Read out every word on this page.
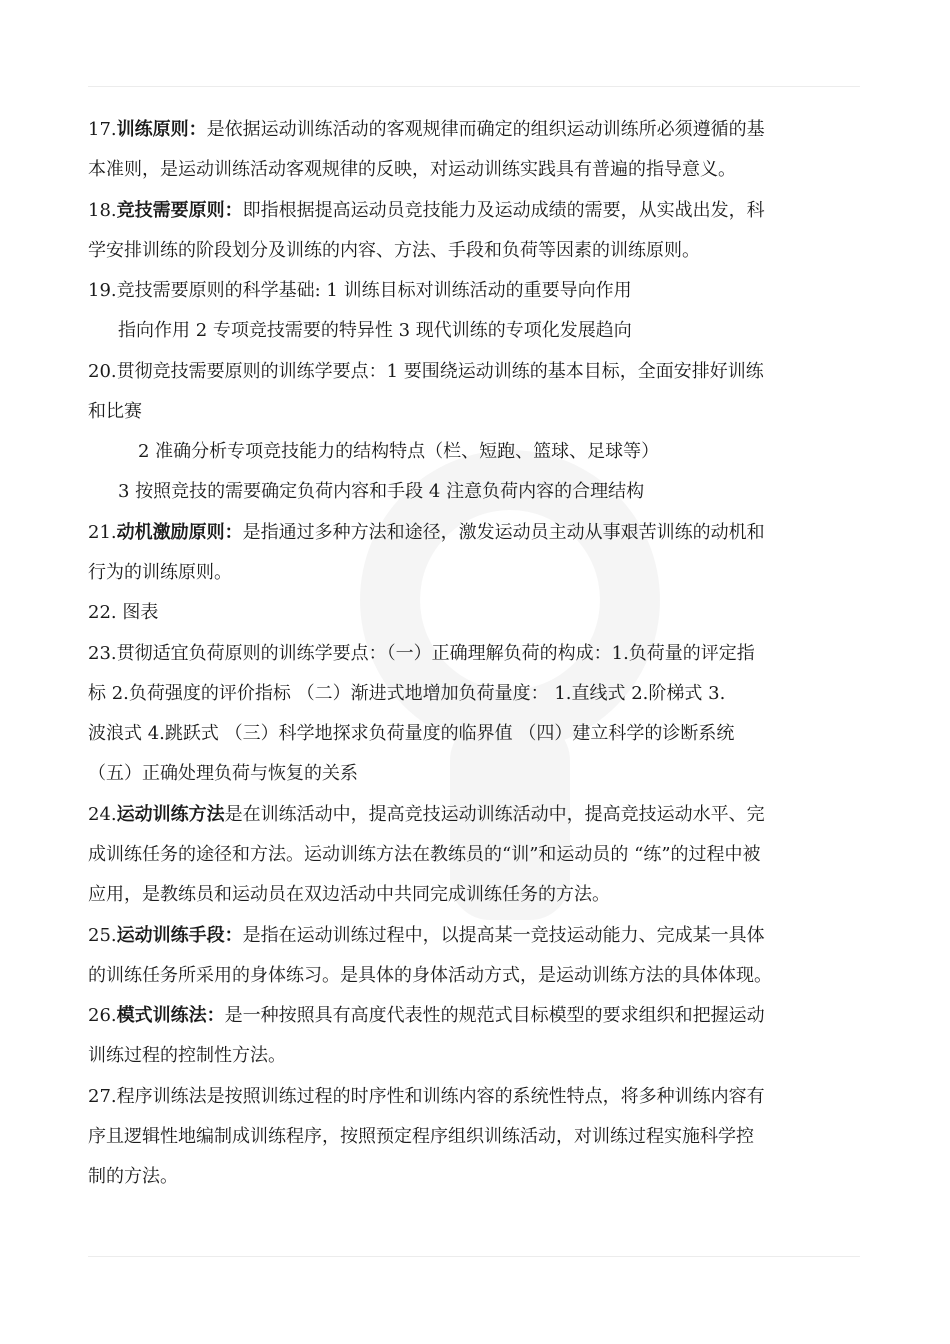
17.训练原则：是依据运动训练活动的客观规律而确定的组织运动训练所必须遵循的基
本准则，是运动训练活动客观规律的反映，对运动训练实践具有普遍的指导意义。
18.竞技需要原则：即指根据提高运动员竞技能力及运动成绩的需要，从实战出发，科
学安排训练的阶段划分及训练的内容、方法、手段和负荷等因素的训练原则。
19.竞技需要原则的科学基础: 1 训练目标对训练活动的重要导向作用
指向作用 2 专项竞技需要的特异性 3 现代训练的专项化发展趋向
20.贯彻竞技需要原则的训练学要点：1 要围绕运动训练的基本目标，全面安排好训练
和比赛
2 准确分析专项竞技能力的结构特点（栏、短跑、篮球、足球等）
3 按照竞技的需要确定负荷内容和手段 4 注意负荷内容的合理结构
21.动机激励原则：是指通过多种方法和途径，激发运动员主动从事艰苦训练的动机和
行为的训练原则。
22. 图表
23.贯彻适宜负荷原则的训练学要点：（一）正确理解负荷的构成：1.负荷量的评定指
标 2.负荷强度的评价指标 （二）渐进式地增加负荷量度： 1.直线式 2.阶梯式 3.
波浪式 4.跳跃式 （三）科学地探求负荷量度的临界值 （四）建立科学的诊断系统
（五）正确处理负荷与恢复的关系
24.运动训练方法是在训练活动中，提高竞技运动训练活动中，提高竞技运动水平、完
成训练任务的途径和方法。运动训练方法在教练员的“训”和运动员的 “练”的过程中被
应用，是教练员和运动员在双边活动中共同完成训练任务的方法。
25.运动训练手段：是指在运动训练过程中，以提高某一竞技运动能力、完成某一具体
的训练任务所采用的身体练习。是具体的身体活动方式，是运动训练方法的具体体现。
26.模式训练法：是一种按照具有高度代表性的规范式目标模型的要求组织和把握运动
训练过程的控制性方法。
27.程序训练法是按照训练过程的时序性和训练内容的系统性特点，将多种训练内容有
序且逻辑性地编制成训练程序，按照预定程序组织训练活动，对训练过程实施科学控
制的方法。
